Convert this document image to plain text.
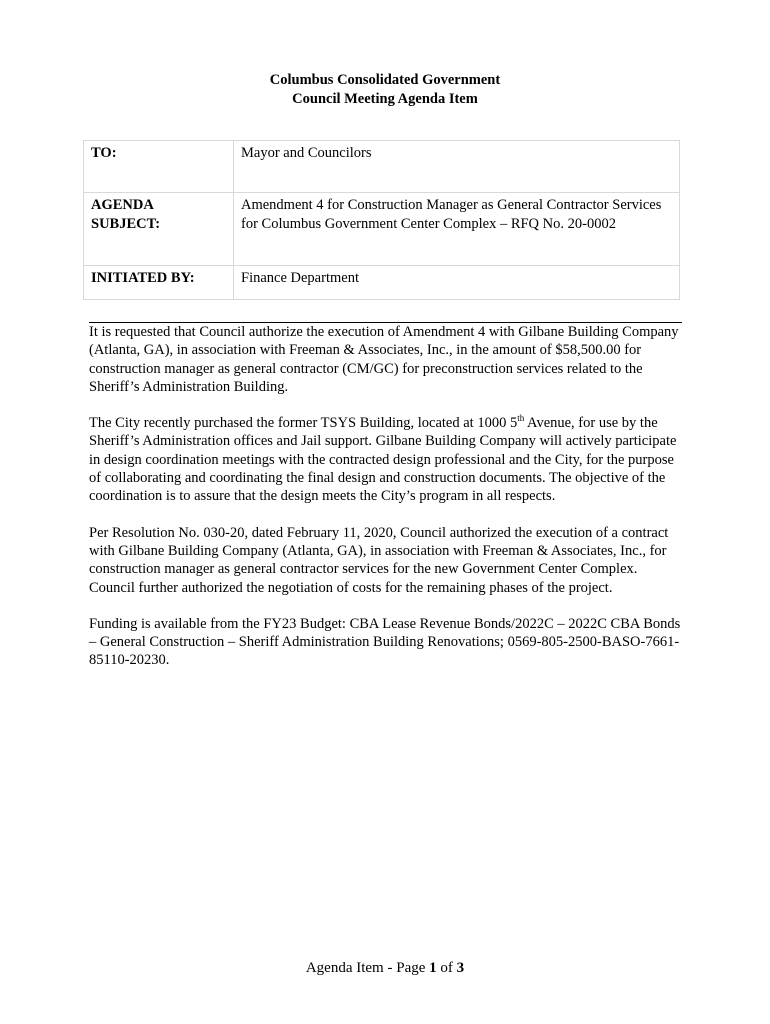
Columbus Consolidated Government
Council Meeting Agenda Item
TO:	Mayor and Councilors

AGENDA
SUBJECT:	Amendment 4 for Construction Manager as General Contractor Services for Columbus Government Center Complex – RFQ No. 20-0002
INITIATED BY:	Finance Department

It is requested that Council authorize the execution of Amendment 4 with Gilbane Building Company (Atlanta, GA), in association with Freeman & Associates, Inc., in the amount of $58,500.00 for construction manager as general contractor (CM/GC) for preconstruction services related to the Sheriff’s Administration Building.

The City recently purchased the former TSYS Building, located at 1000 5th Avenue, for use by the Sheriff’s Administration offices and Jail support. Gilbane Building Company will actively participate in design coordination meetings with the contracted design professional and the City, for the purpose of collaborating and coordinating the final design and construction documents. The objective of the coordination is to assure that the design meets the City’s program in all respects.

Per Resolution No. 030-20, dated February 11, 2020, Council authorized the execution of a contract with Gilbane Building Company (Atlanta, GA), in association with Freeman & Associates, Inc., for construction manager as general contractor services for the new Government Center Complex. Council further authorized the negotiation of costs for the remaining phases of the project.

Funding is available from the FY23 Budget: CBA Lease Revenue Bonds/2022C – 2022C CBA Bonds – General Construction – Sheriff Administration Building Renovations; 0569-805-2500-BASO-7661-85110-20230.

Agenda Item - Page 1 of 3
